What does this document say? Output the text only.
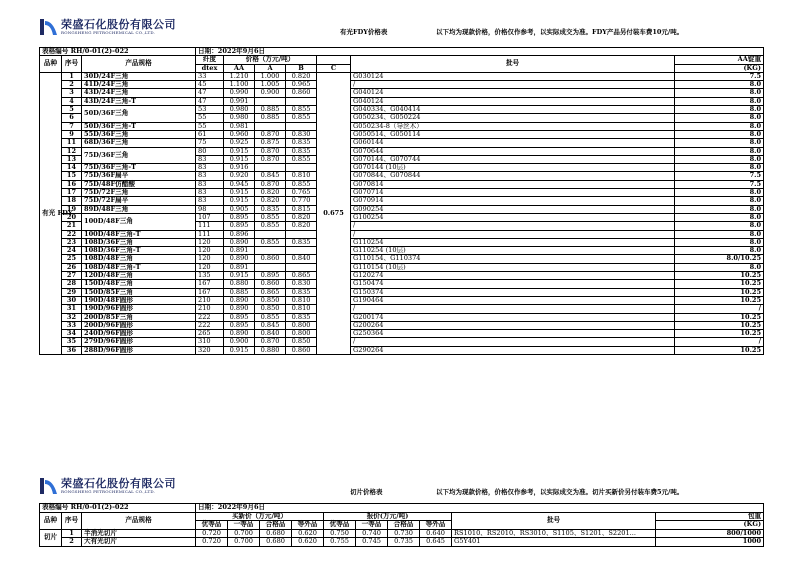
荣盛石化股份有限公司
RONGSHENG PETROCHEMICAL CO.,LTD.	有光FDY价格表	以下均为现款价格，价格仅作参考，以实际成交为准。FDY产品另付装车费10元/吨。
表格编号 RH/0-01(2)-022			日期：2022年9月6日						
品种	序号	产品规格	纤度	价格（万元/吨）				批号	AA锭重
			dtex	AA	A	B	C		(KG)
有光 FDY	1	30D/24F三角	33	1.210	1.000	0.820	0.675	G030124	7.5
	2	41D/24F三角	45	1.100	1.005	0.965		/	8.0
	3	43D/24F三角	47	0.990	0.900	0.860		G040124	8.0
	4	43D/24F三角-T	47	0.991				G040124	8.0
	5	50D/36F三角	53	0.980	0.885	0.855		G040334、G040414	8.0
	6		55	0.980	0.885	0.855		G050234、G050224	8.0
	7	50D/36F三角-T	55	0.981				G050234-8（导丝木）	8.0
	9	55D/36F三角	61	0.960	0.870	0.830		G050514、G050114	8.0
	11	68D/36F三角	75	0.925	0.875	0.835		G060144	8.0
	12	75D/36F三角	80	0.915	0.870	0.835		G070644	8.0
	13		83	0.915	0.870	0.855		G070144、G070744	8.0
	14	75D/36F三角-T	83	0.916				G070144 (10层)	8.0
	15	75D/36F扁平	83	0.920	0.845	0.810		G070844、G070844	7.5
	16	75D/48F仿醋酸	83	0.945	0.870	0.855		G070814	7.5
	17	75D/72F三角	83	0.915	0.820	0.765		G070714	8.0
	18	75D/72F扁平	83	0.915	0.820	0.770		G070914	8.0
	19	89D/48F三角	98	0.905	0.835	0.815		G090254	8.0
	20	100D/48F三角	107	0.895	0.855	0.820		G100254	8.0
	21		111	0.895	0.855	0.820		/	8.0
	22	100D/48F三角-T	111	0.896				/	8.0
	23	108D/36F三角	120	0.890	0.855	0.835		G110254	8.0
	24	108D/36F三角-T	120	0.891				G110254 (10层)	8.0
	25	108D/48F三角	120	0.890	0.860	0.840		G110154、G110374	8.0/10.25
	26	108D/48F三角-T	120	0.891				G110154 (10层)	8.0
	27	120D/48F三角	135	0.915	0.895	0.865		G120274	10.25
	28	150D/48F三角	167	0.880	0.860	0.830		G150474	10.25
	29	150D/85F三角	167	0.885	0.865	0.835		G150374	10.25
	30	190D/48F圆形	210	0.890	0.850	0.810		G190464	10.25
	31	190D/96F圆形	210	0.890	0.850	0.810		/	/
	32	200D/85F三角	222	0.895	0.855	0.835		G200174	10.25
	33	200D/96F圆形	222	0.895	0.845	0.800		G200264	10.25
	34	240D/96F圆形	265	0.890	0.840	0.800		G250364	10.25
	35	279D/96F圆形	310	0.900	0.870	0.850		/	/
	36	288D/96F圆形	320	0.915	0.880	0.860		G290264	10.25
荣盛石化股份有限公司
RONGSHENG PETROCHEMICAL CO.,LTD.	切片价格表	以下均为现款价格，价格仅作参考，以实际成交为准。切片买新价另付装车费5元/吨。
表格编号 RH/0-01(2)-022			日期：2022年9月6日									
品种	序号	产品规格	买新价（万元/吨）				报价(万元/吨)				批号	包重
			优等品	一等品	合格品	等外品	优等品	一等品	合格品	等外品		(KG)
切片	1	半消光切片	0.720	0.700	0.680	0.620	0.750	0.740	0.730	0.640	RS1010、RS2010、RS3010、S1105、S1201、S2201...	800/1000
	2	大有光切片	0.720	0.700	0.680	0.620	0.755	0.745	0.735	0.645	G5Y401	1000
